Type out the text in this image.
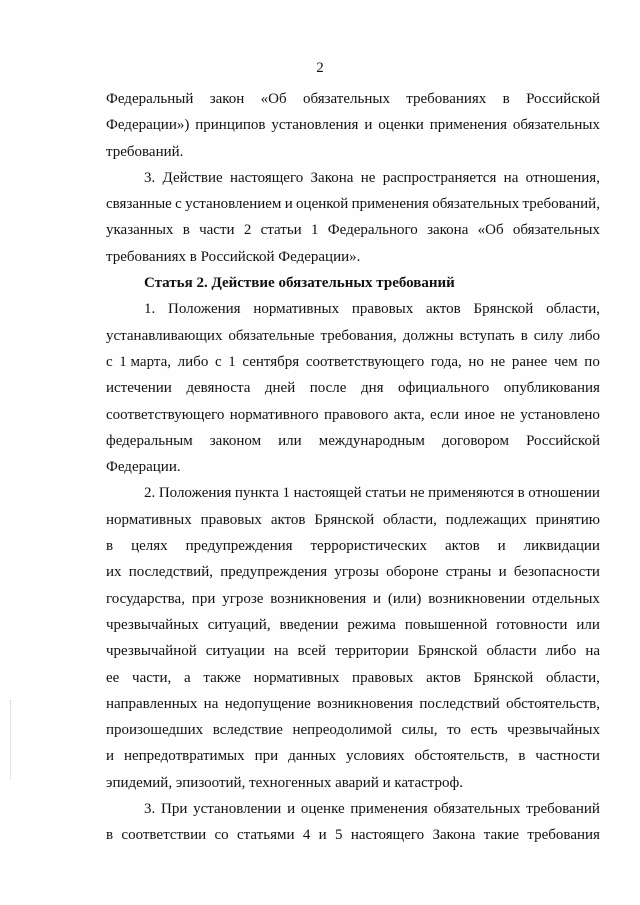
2
Федеральный закон «Об обязательных требованиях в Российской
Федерации») принципов установления и оценки применения обязательных
требований.
3. Действие настоящего Закона не распространяется на отношения,
связанные с установлением и оценкой применения обязательных требований,
указанных в части 2 статьи 1 Федерального закона «Об обязательных
требованиях в Российской Федерации».
Статья 2. Действие обязательных требований
1. Положения нормативных правовых актов Брянской области,
устанавливающих обязательные требования, должны вступать в силу либо
с 1 марта, либо с 1 сентября соответствующего года, но не ранее чем по
истечении девяноста дней после дня официального опубликования
соответствующего нормативного правового акта, если иное не установлено
федеральным законом или международным договором Российской
Федерации.
2. Положения пункта 1 настоящей статьи не применяются в отношении
нормативных правовых актов Брянской области, подлежащих принятию
в целях предупреждения террористических актов и ликвидации
их последствий, предупреждения угрозы обороне страны и безопасности
государства, при угрозе возникновения и (или) возникновении отдельных
чрезвычайных ситуаций, введении режима повышенной готовности или
чрезвычайной ситуации на всей территории Брянской области либо на
ее части, а также нормативных правовых актов Брянской области,
направленных на недопущение возникновения последствий обстоятельств,
произошедших вследствие непреодолимой силы, то есть чрезвычайных
и непредотвратимых при данных условиях обстоятельств, в частности
эпидемий, эпизоотий, техногенных аварий и катастроф.
3. При установлении и оценке применения обязательных требований
в соответствии со статьями 4 и 5 настоящего Закона такие требования
